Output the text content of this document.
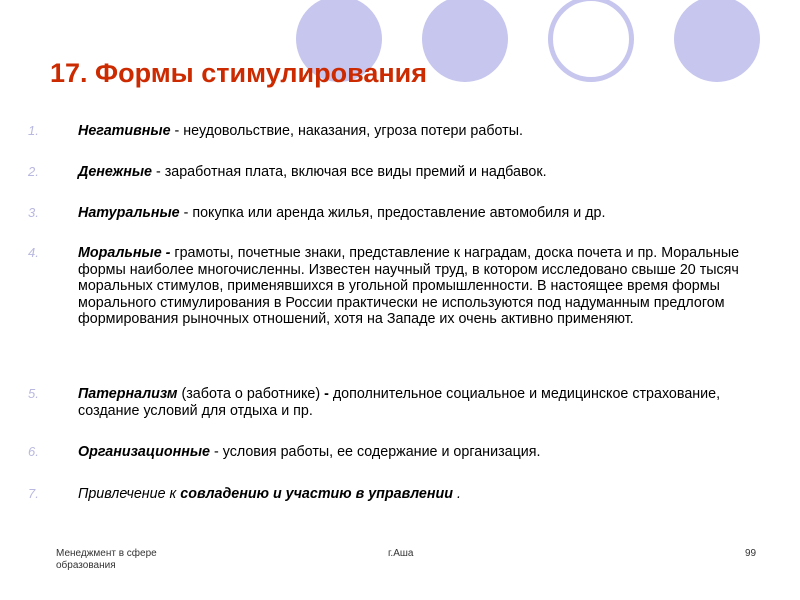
17. Формы стимулирования
1.	Негативные - неудовольствие, наказания, угроза потери работы.
2.	Денежные - заработная плата, включая все виды премий и надбавок.
3.	Натуральные - покупка или аренда жилья, предоставление автомобиля и др.
4.	Моральные - грамоты, почетные знаки, представление к наградам, доска почета и пр. Моральные формы наиболее многочисленны. Известен научный труд, в котором исследовано свыше 20 тысяч моральных стимулов, применявшихся в угольной промышленности. В настоящее время формы морального стимулирования в России практически не используются под надуманным предлогом формирования рыночных отношений, хотя на Западе их очень активно применяют.
5.	Патернализм (забота о работнике) - дополнительное социальное и медицинское страхование, создание условий для отдыха и пр.
6.	Организационные - условия работы, ее содержание и организация.
7.	Привлечение к совладению и участию в управлении .
Менеджмент в сфере образования
г.Аша	99
